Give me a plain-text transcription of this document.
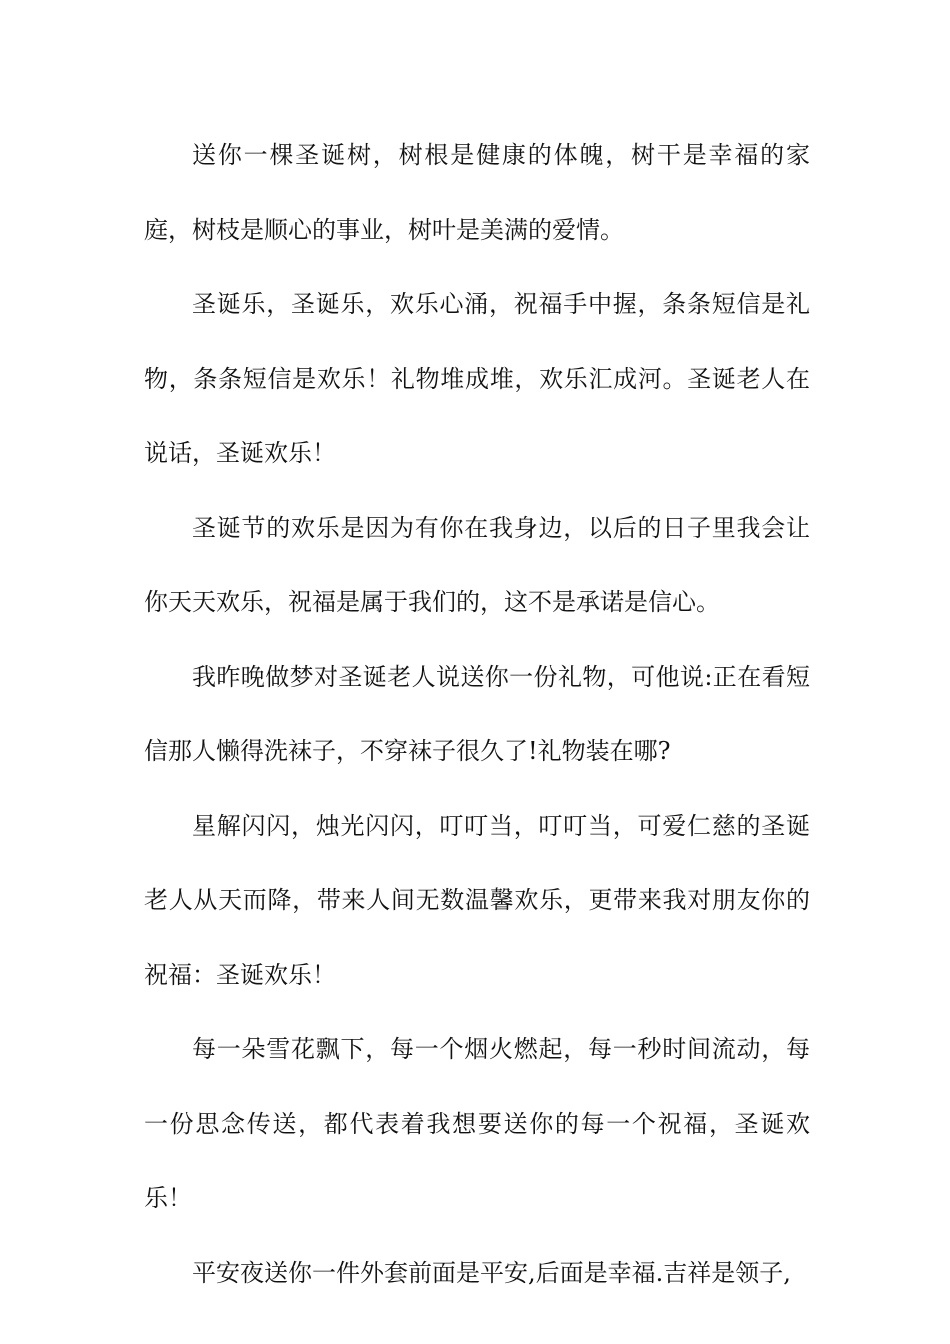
送你一棵圣诞树，树根是健康的体魄，树干是幸福的家庭，树枝是顺心的事业，树叶是美满的爱情。

圣诞乐，圣诞乐，欢乐心涌，祝福手中握，条条短信是礼物，条条短信是欢乐！礼物堆成堆，欢乐汇成河。圣诞老人在说话，圣诞欢乐！

圣诞节的欢乐是因为有你在我身边，以后的日子里我会让你天天欢乐，祝福是属于我们的，这不是承诺是信心。

我昨晚做梦对圣诞老人说送你一份礼物，可他说:正在看短信那人懒得洗袜子，不穿袜子很久了!礼物装在哪?

星解闪闪，烛光闪闪，叮叮当，叮叮当，可爱仁慈的圣诞老人从天而降，带来人间无数温馨欢乐，更带来我对朋友你的祝福：圣诞欢乐！

每一朵雪花飘下，每一个烟火燃起，每一秒时间流动，每一份思念传送，都代表着我想要送你的每一个祝福，圣诞欢乐！

平安夜送你一件外套前面是平安,后面是幸福.吉祥是领子,
